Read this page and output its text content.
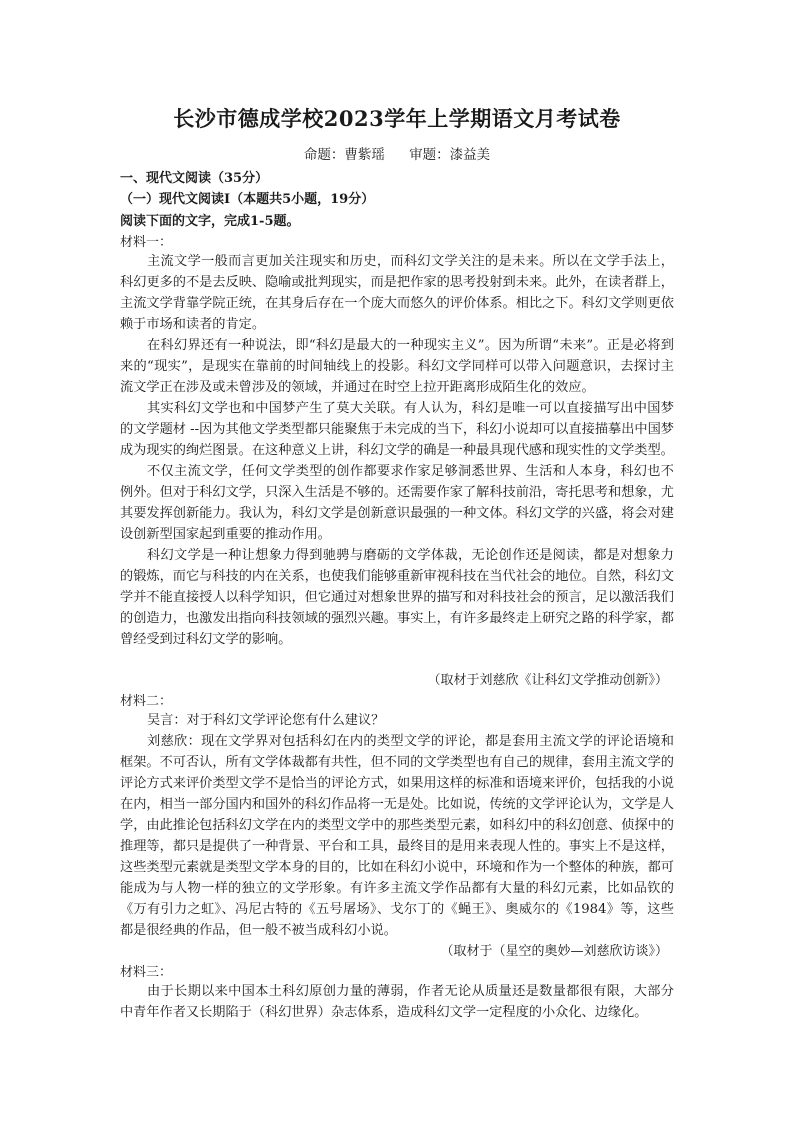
长沙市德成学校2023学年上学期语文月考试卷
命题：曹紫瑶 审题：漆益美
一、现代文阅读（35分）
（一）现代文阅读Ⅰ（本题共5小题，19分）
阅读下面的文字，完成1-5题。
材料一：

主流文学一般而言更加关注现实和历史，而科幻文学关注的是未来。所以在文学手法上，科幻更多的不是去反映、隐喻或批判现实，而是把作家的思考投射到未来。此外，在读者群上，主流文学背靠学院正统，在其身后存在一个庞大而悠久的评价体系。相比之下。科幻文学则更依赖于市场和读者的肯定。

在科幻界还有一种说法，即“科幻是最大的一种现实主义”。因为所谓“未来”。正是必将到来的“现实”，是现实在靠前的时间轴线上的投影。科幻文学同样可以带入问题意识，去探讨主流文学正在涉及或未曾涉及的领域，并通过在时空上拉开距离形成陌生化的效应。

其实科幻文学也和中国梦产生了莫大关联。有人认为，科幻是唯一可以直接描写出中国梦的文学题材 --因为其他文学类型都只能聚焦于未完成的当下，科幻小说却可以直接描摹出中国梦成为现实的绚烂图景。在这种意义上讲，科幻文学的确是一种最具现代感和现实性的文学类型。

不仅主流文学，任何文学类型的创作都要求作家足够洞悉世界、生活和人本身，科幻也不例外。但对于科幻文学，只深入生活是不够的。还需要作家了解科技前沿，寄托思考和想象，尤其要发挥创新能力。我认为，科幻文学是创新意识最强的一种文体。科幻文学的兴盛，将会对建设创新型国家起到重要的推动作用。

科幻文学是一种让想象力得到驰骋与磨砺的文学体裁，无论创作还是阅读，都是对想象力的锻炼，而它与科技的内在关系，也使我们能够重新审视科技在当代社会的地位。自然，科幻文学并不能直接授人以科学知识，但它通过对想象世界的描写和对科技社会的预言，足以激活我们的创造力，也激发出指向科技领域的强烈兴趣。事实上，有许多最终走上研究之路的科学家，都曾经受到过科幻文学的影响。

（取材于刘慈欣《让科幻文学推动创新》）
材料二：

吴言：对于科幻文学评论您有什么建议？

刘慈欣：现在文学界对包括科幻在内的类型文学的评论，都是套用主流文学的评论语境和框架。不可否认，所有文学体裁都有共性，但不同的文学类型也有自己的规律，套用主流文学的评论方式来评价类型文学不是恰当的评论方式，如果用这样的标准和语境来评价，包括我的小说在内，相当一部分国内和国外的科幻作品将一无是处。比如说，传统的文学评论认为，文学是人学，由此推论包括科幻文学在内的类型文学中的那些类型元素，如科幻中的科幻创意、侦探中的推理等，都只是提供了一种背景、平台和工具，最终目的是用来表现人性的。事实上不是这样，这些类型元素就是类型文学本身的目的，比如在科幻小说中，环境和作为一个整体的种族，都可能成为与人物一样的独立的文学形象。有许多主流文学作品都有大量的科幻元素，比如品钦的《万有引力之虹》、冯尼古特的《五号屠场》、戈尔丁的《蝇王》、奥威尔的《1984》等，这些都是很经典的作品，但一般不被当成科幻小说。

（取材于（星空的奥妙—刘慈欣访谈》）
材料三：

由于长期以来中国本土科幻原创力量的薄弱，作者无论从质量还是数量都很有限，大部分中青年作者又长期陷于（科幻世界）杂志体系，造成科幻文学一定程度的小众化、边缘化。
